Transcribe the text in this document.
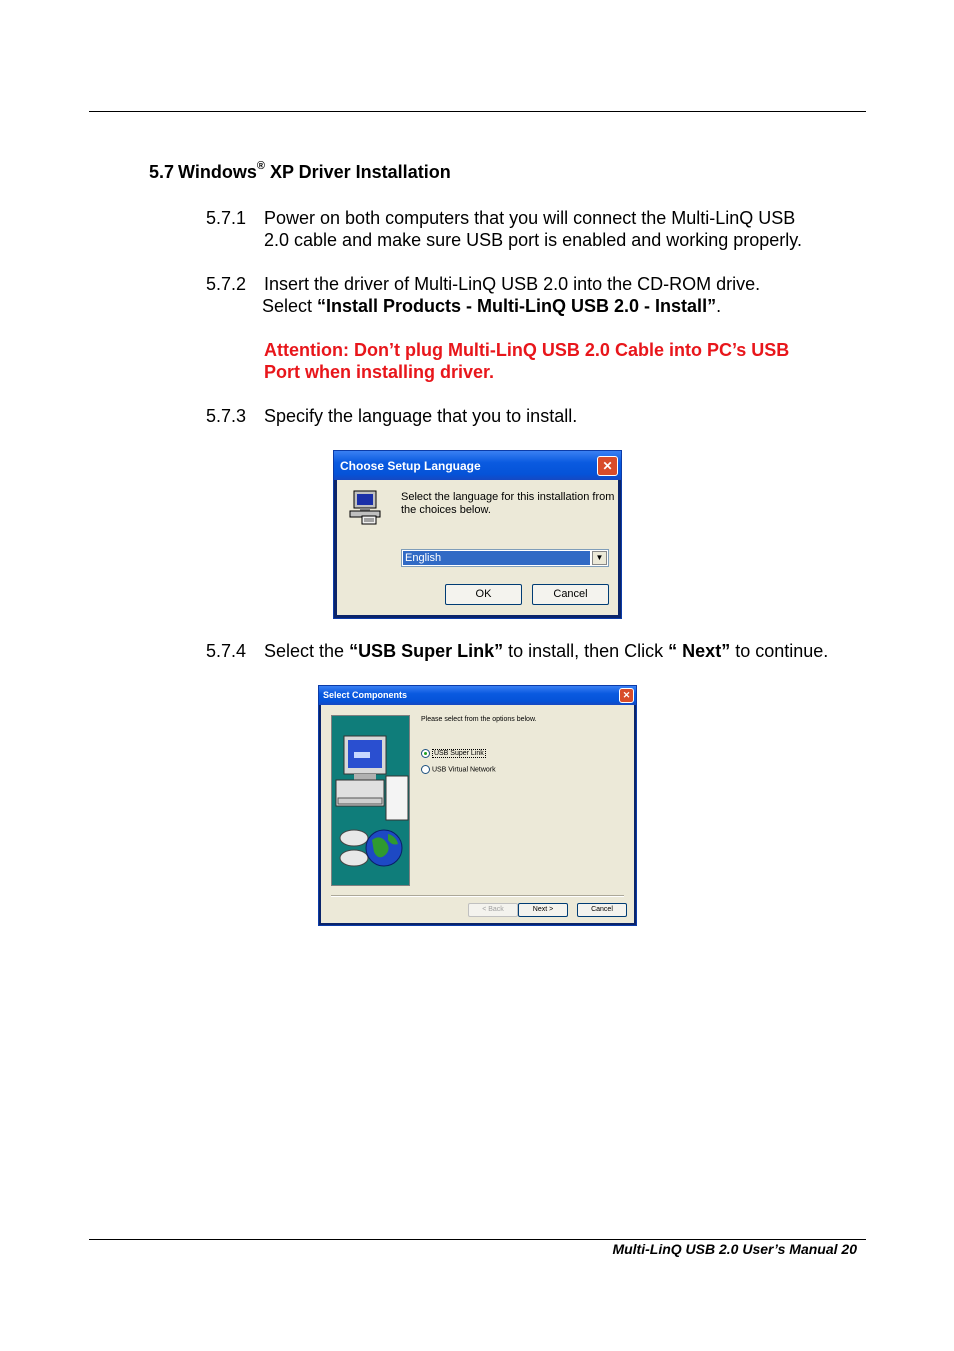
5.7 Windows® XP Driver Installation
5.7.1 Power on both computers that you will connect the Multi-LinQ USB
2.0 cable and make sure USB port is enabled and working properly.
5.7.2 Insert the driver of Multi-LinQ USB 2.0 into the CD-ROM drive.
Select “Install Products - Multi-LinQ USB 2.0 - Install”.
Attention: Don’t plug Multi-LinQ USB 2.0 Cable into PC’s USB
Port when installing driver.
5.7.3 Specify the language that you to install.
Choose Setup Language	✕
Select the language for this installation from
the choices below.
English	▼
OK	Cancel
5.7.4 Select the “USB Super Link” to install, then Click “ Next” to continue.
Select Components	✕
Please select from the options below.
USB Super Link
USB Virtual Network
< Back	Next >	Cancel
Multi-LinQ USB 2.0 User’s Manual 20
